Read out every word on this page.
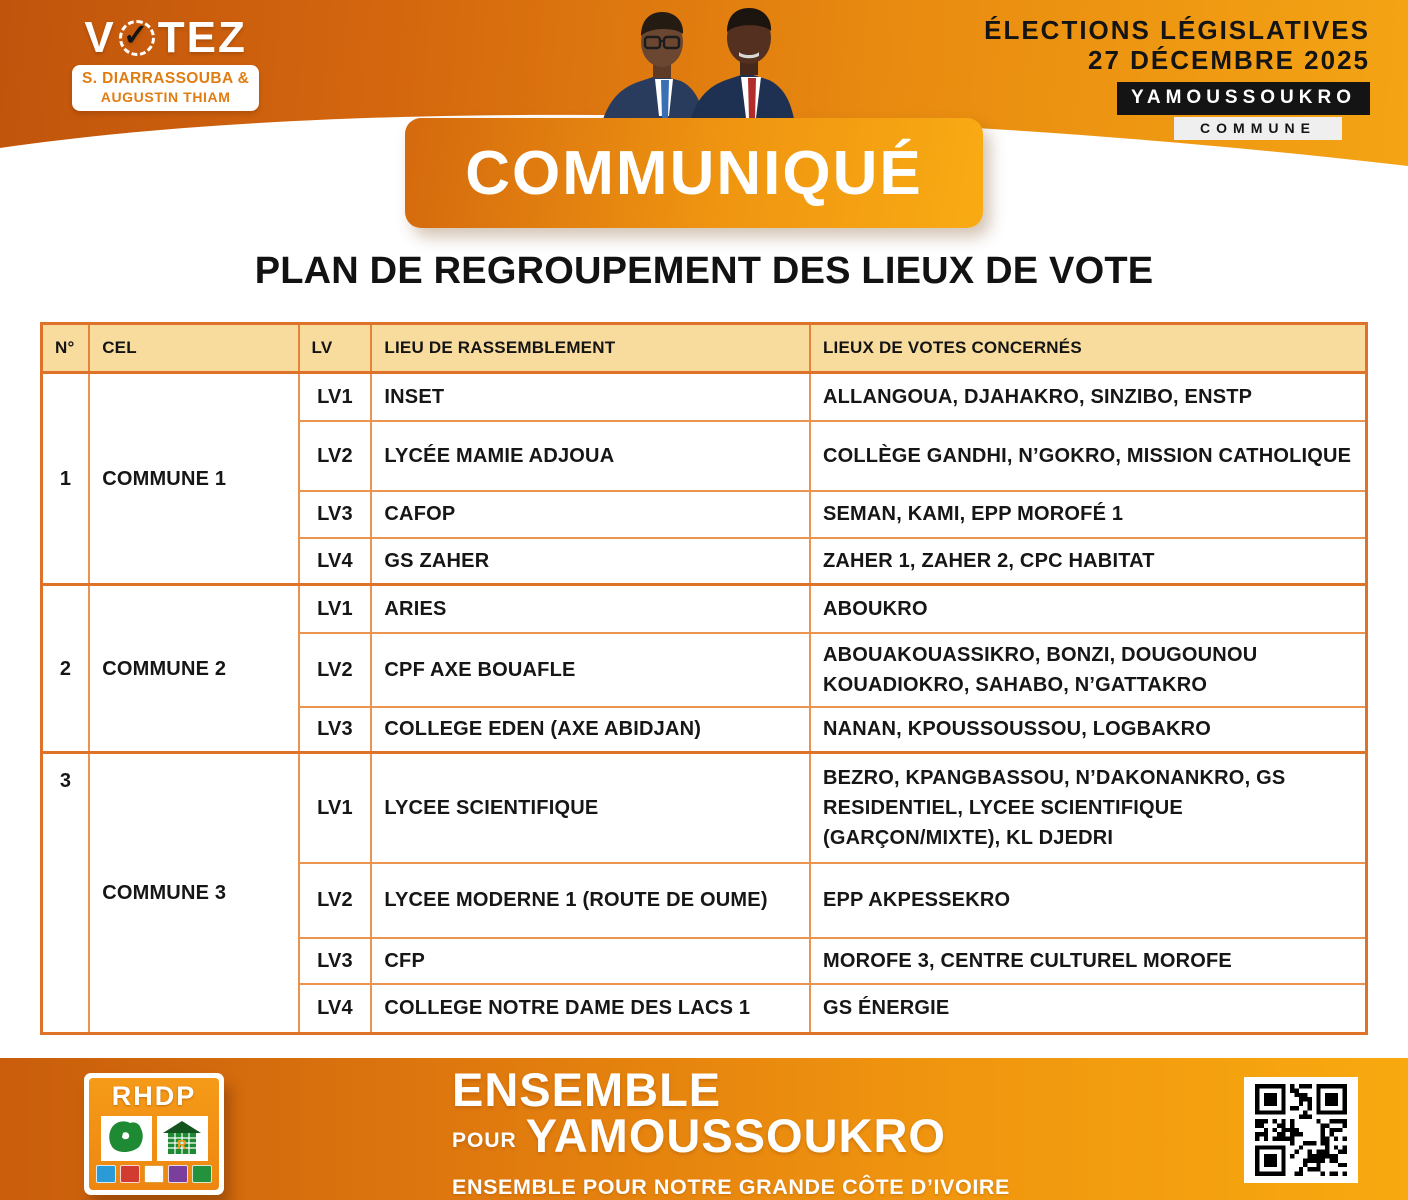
V ✓ TEZ
S. DIARRASSOUBA &
AUGUSTIN THIAM
ÉLECTIONS LÉGISLATIVES
27 DÉCEMBRE 2025
YAMOUSSOUKRO
COMMUNE
COMMUNIQUÉ
PLAN DE REGROUPEMENT DES LIEUX DE VOTE
N°	CEL	LV	LIEU DE RASSEMBLEMENT	LIEUX DE VOTES CONCERNÉS
1	COMMUNE 1	LV1	INSET	ALLANGOUA, DJAHAKRO, SINZIBO, ENSTP
		LV2	LYCÉE MAMIE ADJOUA	COLLÈGE GANDHI, N’GOKRO, MISSION CATHOLIQUE
		LV3	CAFOP	SEMAN, KAMI, EPP MOROFÉ 1
		LV4	GS ZAHER	ZAHER 1, ZAHER 2, CPC HABITAT
2	COMMUNE 2	LV1	ARIES	ABOUKRO
		LV2	CPF AXE BOUAFLE	ABOUAKOUASSIKRO, BONZI, DOUGOUNOU KOUADIOKRO, SAHABO, N’GATTAKRO
		LV3	COLLEGE EDEN (AXE ABIDJAN)	NANAN, KPOUSSOUSSOU, LOGBAKRO
3	COMMUNE 3	LV1	LYCEE SCIENTIFIQUE	BEZRO, KPANGBASSOU, N’DAKONANKRO, GS RESIDENTIEL, LYCEE SCIENTIFIQUE (GARÇON/MIXTE), KL DJEDRI
		LV2	LYCEE MODERNE 1 (ROUTE DE OUME)	EPP AKPESSEKRO
		LV3	CFP	MOROFE 3, CENTRE CULTUREL MOROFE
		LV4	COLLEGE NOTRE DAME DES LACS 1	GS ÉNERGIE
RHDP
R
ENSEMBLE
POUR YAMOUSSOUKRO
ENSEMBLE POUR NOTRE GRANDE CÔTE D’IVOIRE
